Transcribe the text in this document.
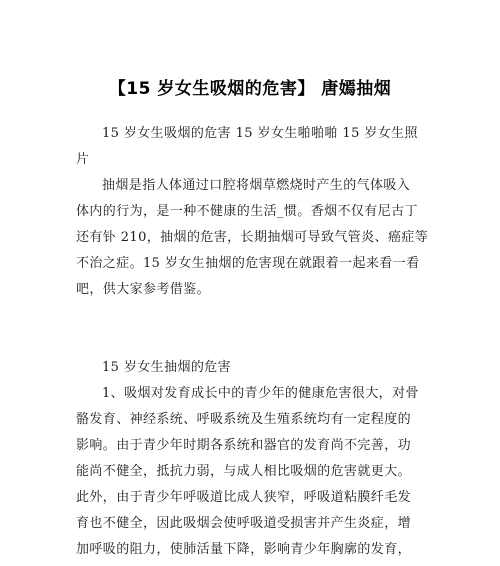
【15 岁女生吸烟的危害】 唐嫣抽烟
15 岁女生吸烟的危害 15 岁女生啪啪啪 15 岁女生照
片
抽烟是指人体通过口腔将烟草燃烧时产生的气体吸入
体内的行为，是一种不健康的生活_惯。香烟不仅有尼古丁
还有钋 210，抽烟的危害，长期抽烟可导致气管炎、癌症等
不治之症。15 岁女生抽烟的危害现在就跟着一起来看一看
吧，供大家参考借鉴。
15 岁女生抽烟的危害
1、吸烟对发育成长中的青少年的健康危害很大，对骨
骼发育、神经系统、呼吸系统及生殖系统均有一定程度的
影响。由于青少年时期各系统和器官的发育尚不完善，功
能尚不健全，抵抗力弱，与成人相比吸烟的危害就更大。
此外，由于青少年呼吸道比成人狭窄，呼吸道粘膜纤毛发
育也不健全，因此吸烟会使呼吸道受损害并产生炎症，增
加呼吸的阻力，使肺活量下降，影响青少年胸廓的发育，
